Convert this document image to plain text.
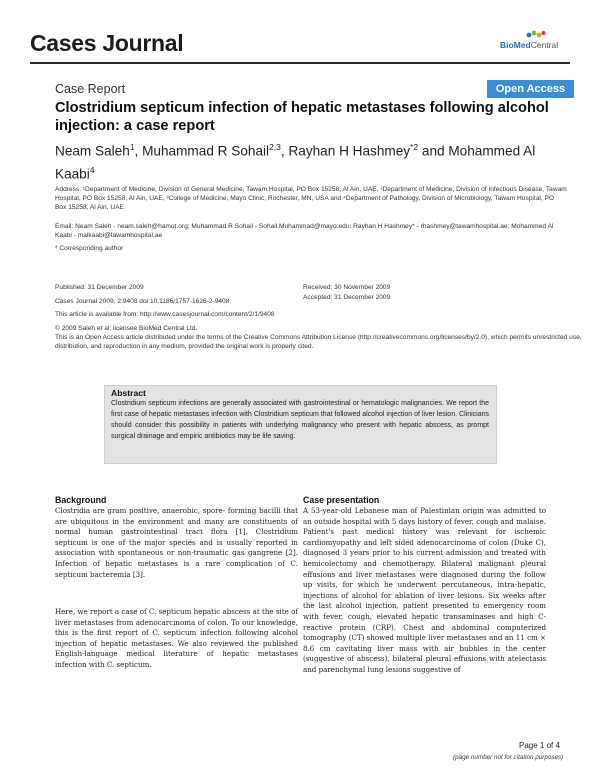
Cases Journal	BioMedCentral
Case Report	Open Access
Clostridium septicum infection of hepatic metastases following alcohol injection: a case report
Neam Saleh$^1$, Muhammad R Sohail$^{2,3}$, Rayhan H Hashmey$^{*2}$ and Mohammed Al Kaabi$^4$
Address: ¹Department of Medicine, Division of General Medicine, Tawam Hospital, PO Box 15258, Al Ain, UAE, ²Department of Medicine, Division of Infectious Disease, Tawam Hospital, PO Box 15258, Al Ain, UAE, ³College of Medicine, Mayo Clinic, Rochester, MN, USA and ⁴Department of Pathology, Division of Microbiology, Tawam Hospital, PO Box 15258, Al Ain, UAE
Email: Neam Saleh - neam.saleh@hamot.org; Muhammad R Sohail - Sohail.Muhammad@mayo.edu; Rayhan H Hashmey* - rhashmey@tawamhospital.ae; Mohammed Al Kaabi - malkaabi@tawamhospital.ae
* Corresponding author
Published: 31 December 2009	Received: 30 November 2009
Accepted: 31 December 2009
Cases Journal 2009, 2:9408 doi:10.1186/1757-1626-2-9408
This article is available from: http://www.casesjournal.com/content/2/1/9408
© 2009 Saleh et al; licensee BioMed Central Ltd.
This is an Open Access article distributed under the terms of the Creative Commons Attribution License (http://creativecommons.org/licenses/by/2.0), which permits unrestricted use, distribution, and reproduction in any medium, provided the original work is properly cited.
Abstract
Clostridium septicum infections are generally associated with gastrointestinal or hematologic malignancies. We report the first case of hepatic metastases infection with Clostridium septicum that followed alcohol injection of liver lesion. Clinicians should consider this possibility in patients with underlying malignancy who present with hepatic abscess, as prompt surgical drainage and empiric antibiotics may be life saving.
Background
Clostridia are gram positive, anaerobic, spore- forming bacilli that are ubiquitous in the environment and many are constituents of normal human gastrointestinal tract flora [1]. Clostridium septicum is one of the major species and is usually reported in association with spontaneous or non-traumatic gas gangrene [2]. Infection of hepatic metastases is a rare complication of C. septicum bacteremia [3].
Here, we report a case of C. septicum hepatic abscess at the site of liver metastases from adenocarcinoma of colon. To our knowledge, this is the first report of C. septicum infection following alcohol injection of hepatic metastases. We also reviewed the published English-language medical literature of hepatic metastases infection with C. septicum.
Case presentation
A 53-year-old Lebanese man of Palestinian origin was admitted to an outside hospital with 5 days history of fever, cough and malaise. Patient's past medical history was relevant for ischemic cardiomyopathy and left sided adenocarcinoma of colon (Duke C), diagnosed 3 years prior to his current admission and treated with hemicolectomy and chemotherapy. Bilateral malignant pleural effusions and liver metastases were diagnosed during the follow up visits, for which he underwent percutaneous, intra-hepatic, injections of alcohol for ablation of liver lesions. Six weeks after the last alcohol injection, patient presented to emergency room with fever, cough, elevated hepatic transaminases and high C-reactive protein (CRP). Chest and abdominal computerized tomography (CT) showed multiple liver metastases and an 11 cm × 8.6 cm cavitating liver mass with air bubbles in the center (suggestive of abscess), bilateral pleural effusions with atelectasis and parenchymal lung lesions suggestive of
Page 1 of 4
(page number not for citation purposes)
